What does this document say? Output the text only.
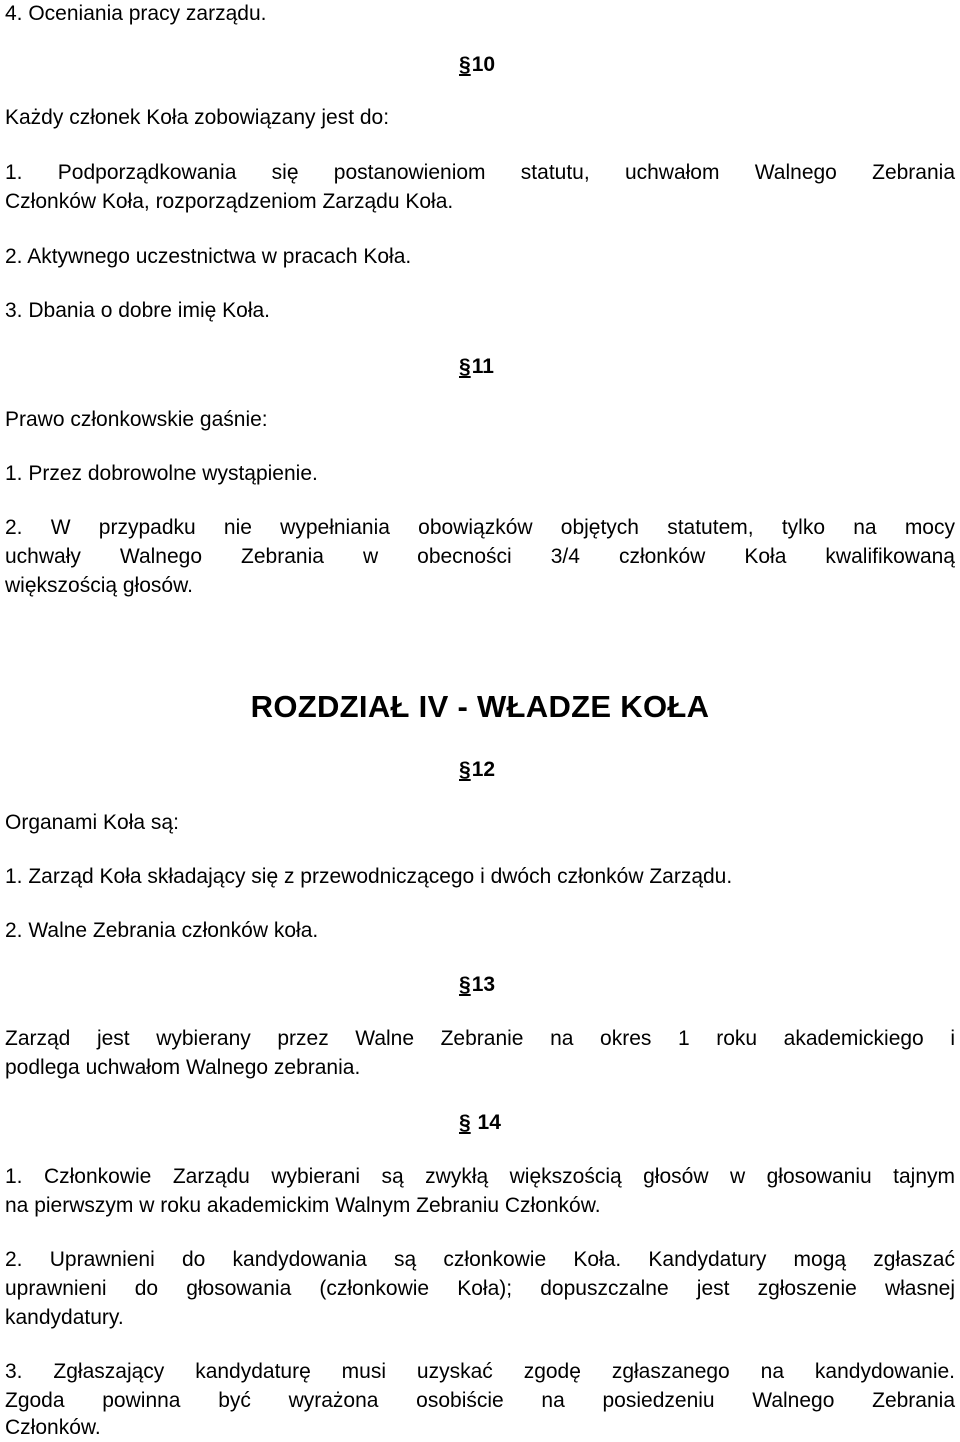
4. Oceniania pracy zarządu.
§10
Każdy członek Koła zobowiązany jest do:
1. Podporządkowania się postanowieniom statutu, uchwałom Walnego Zebrania
Członków Koła, rozporządzeniom Zarządu Koła.
2. Aktywnego uczestnictwa w pracach Koła.
3. Dbania o dobre imię Koła.
§11
Prawo członkowskie gaśnie:
1. Przez dobrowolne wystąpienie.
2. W przypadku nie wypełniania obowiązków objętych statutem, tylko na mocy
uchwały Walnego Zebrania w obecności 3/4 członków Koła kwalifikowaną
większością głosów.
ROZDZIAŁ IV - WŁADZE KOŁA
§12
Organami Koła są:
1. Zarząd Koła składający się z przewodniczącego i dwóch członków Zarządu.
2. Walne Zebrania członków koła.
§13
Zarząd jest wybierany przez Walne Zebranie na okres 1 roku akademickiego i
podlega uchwałom Walnego zebrania.
§ 14
1. Członkowie Zarządu wybierani są zwykłą większością głosów w głosowaniu tajnym
na pierwszym w roku akademickim Walnym Zebraniu Członków.
2. Uprawnieni do kandydowania są członkowie Koła. Kandydatury mogą zgłaszać
uprawnieni do głosowania (członkowie Koła); dopuszczalne jest zgłoszenie własnej
kandydatury.
3. Zgłaszający kandydaturę musi uzyskać zgodę zgłaszanego na kandydowanie.
Zgoda powinna być wyrażona osobiście na posiedzeniu Walnego Zebrania
Członków.
